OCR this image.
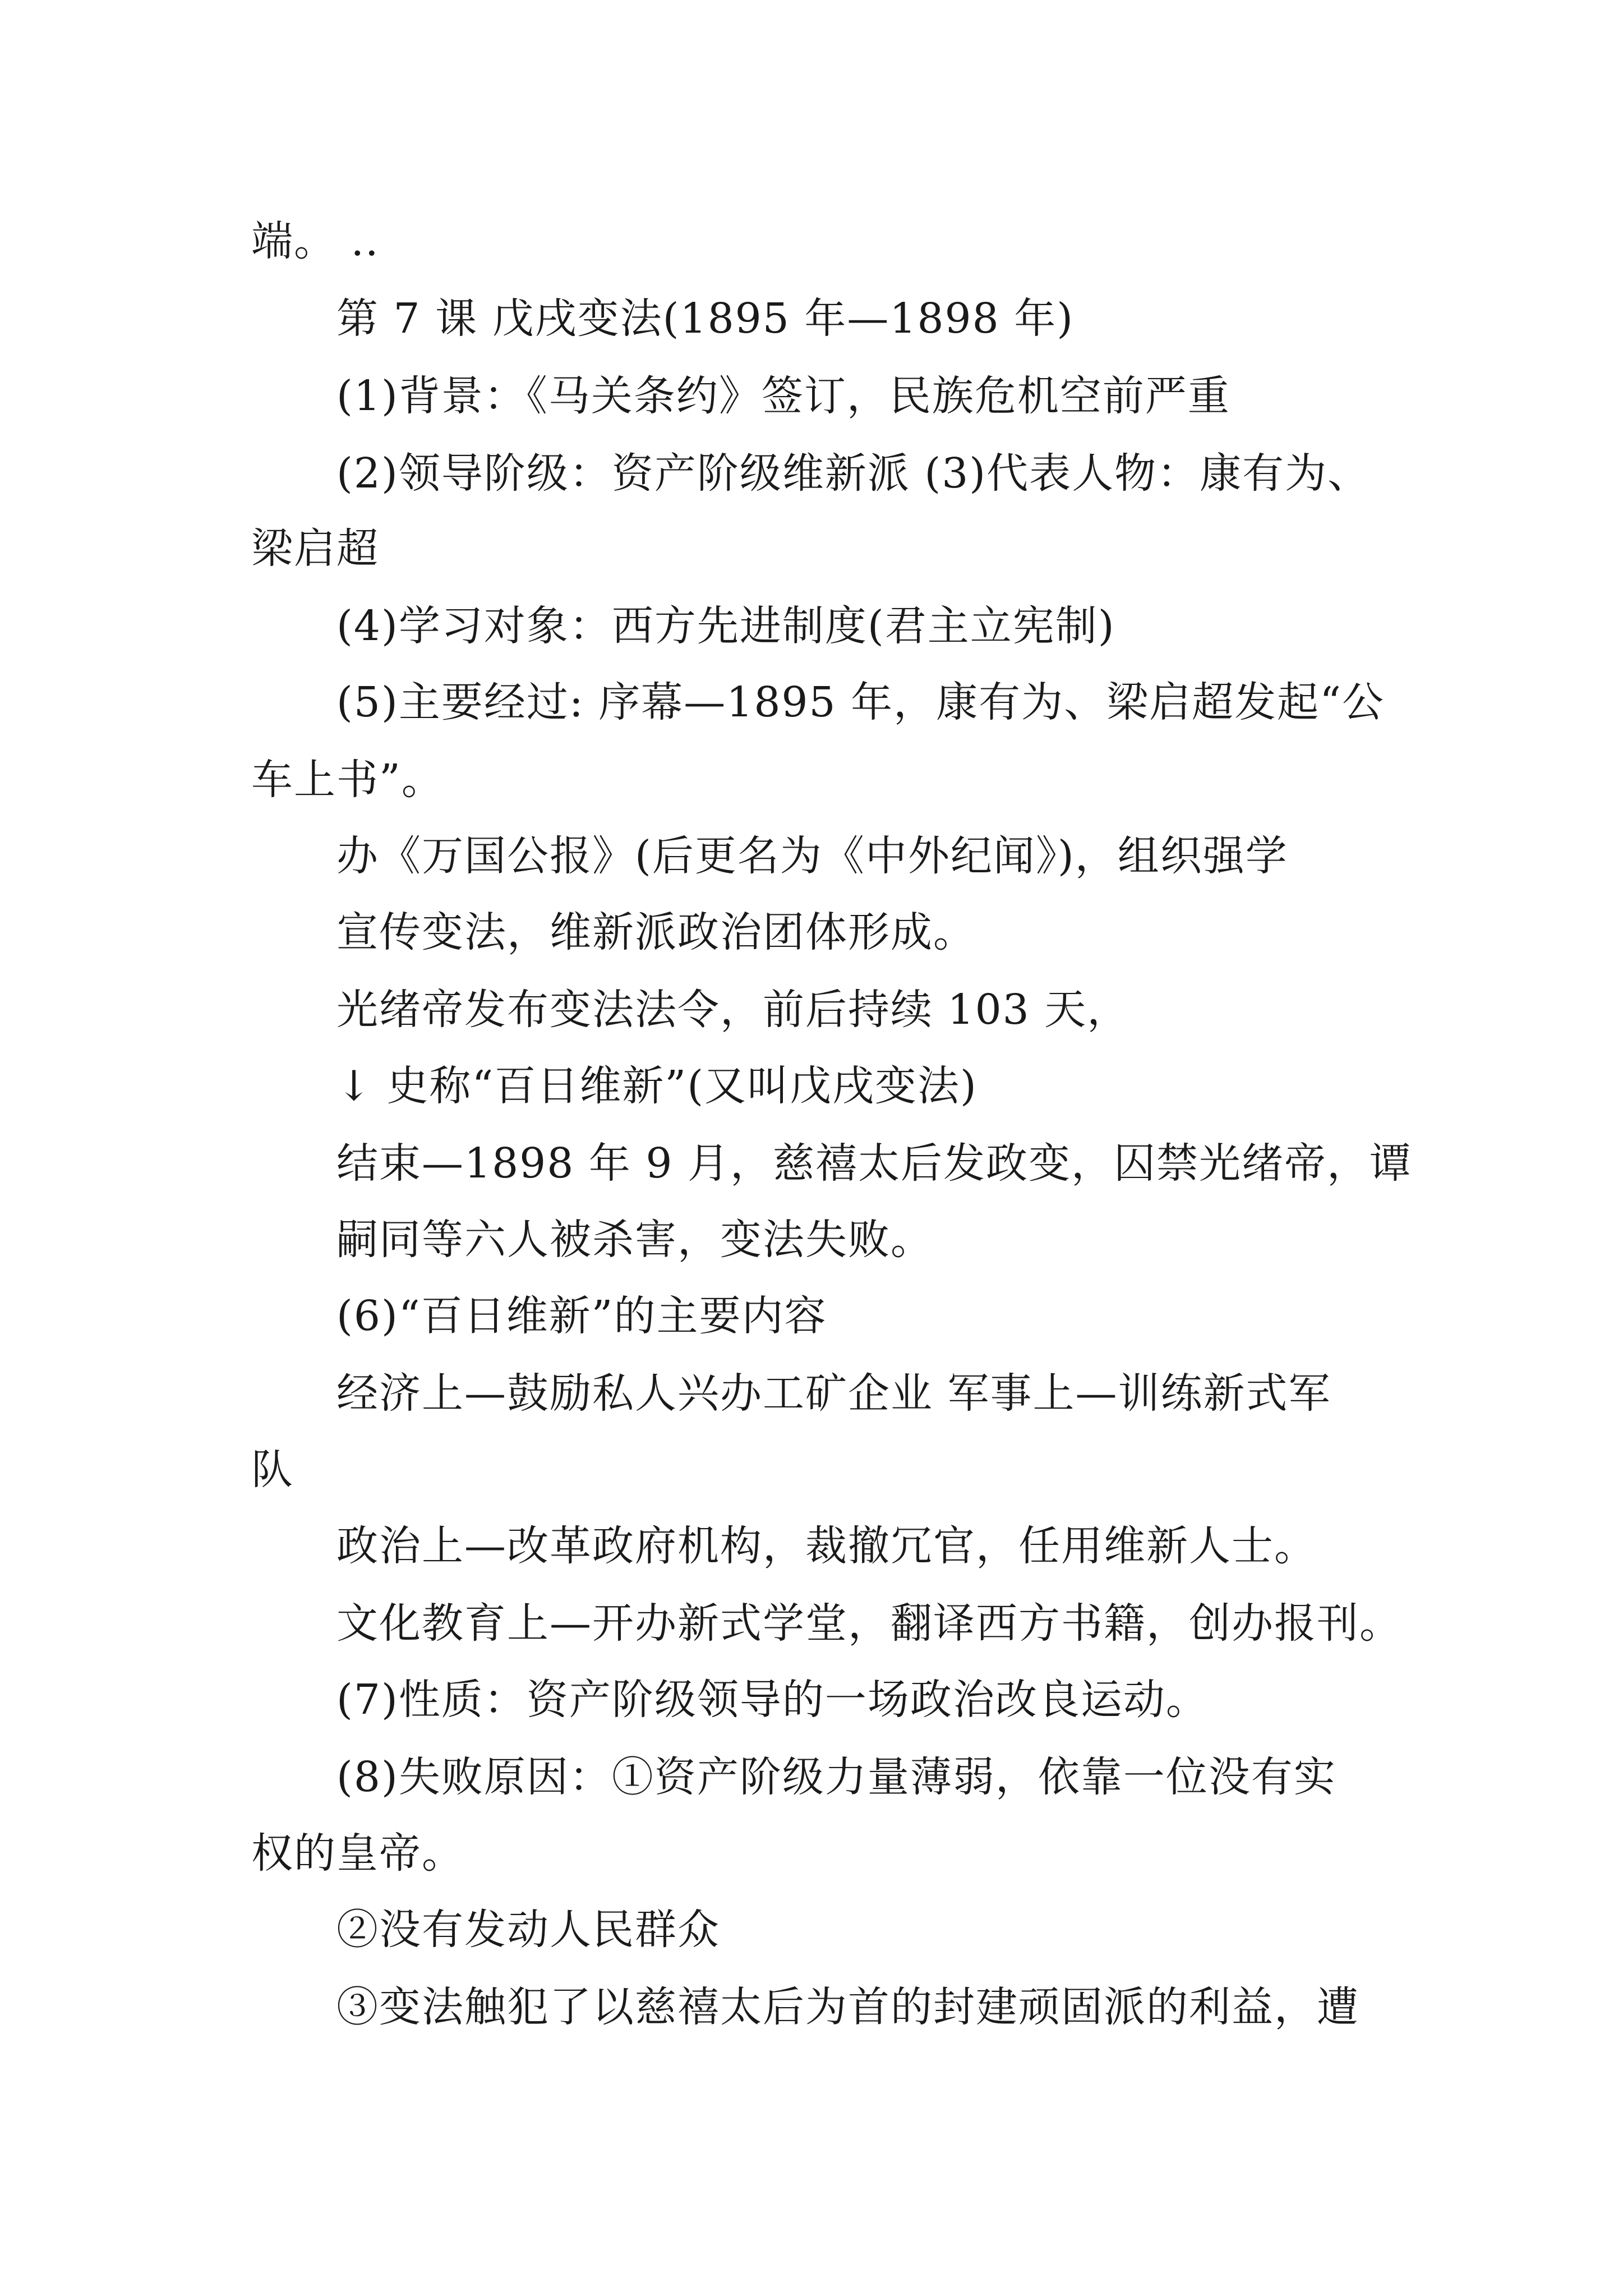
端。 ..
第 7 课 戊戌变法(1895 年—1898 年)
(1)背景：《马关条约》签订，民族危机空前严重
(2)领导阶级：资产阶级维新派 (3)代表人物：康有为、
梁启超
(4)学习对象：西方先进制度(君主立宪制)
(5)主要经过: 序幕—1895 年，康有为、梁启超发起“公
车上书”。
办《万国公报》(后更名为《中外纪闻》)，组织强学
宣传变法，维新派政治团体形成。
光绪帝发布变法法令，前后持续 103 天，
↓ 史称“百日维新”(又叫戊戌变法)
结束—1898 年 9 月，慈禧太后发政变，囚禁光绪帝，谭
嗣同等六人被杀害，变法失败。
(6)“百日维新”的主要内容
经济上—鼓励私人兴办工矿企业 军事上—训练新式军
队
政治上—改革政府机构，裁撤冗官，任用维新人士。
文化教育上—开办新式学堂，翻译西方书籍，创办报刊。
(7)性质：资产阶级领导的一场政治改良运动。
(8)失败原因：①资产阶级力量薄弱，依靠一位没有实
权的皇帝。
②没有发动人民群众
③变法触犯了以慈禧太后为首的封建顽固派的利益，遭
